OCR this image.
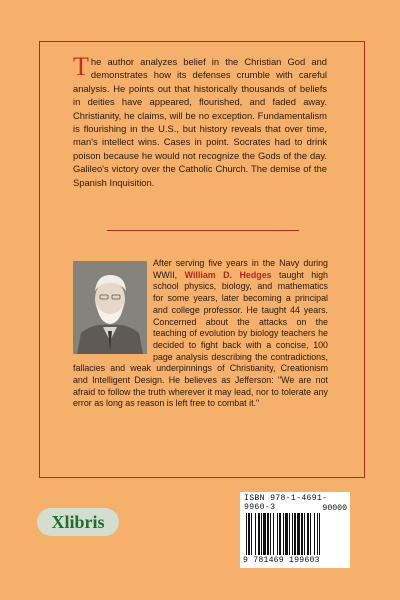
The author analyzes belief in the Christian God and demonstrates how its defenses crumble with careful analysis. He points out that historically thousands of beliefs in deities have appeared, flourished, and faded away. Christianity, he claims, will be no exception. Fundamentalism is flourishing in the U.S., but history reveals that over time, man's intellect wins. Cases in point. Socrates had to drink poison because he would not recognize the Gods of the day. Galileo's victory over the Catholic Church. The demise of the Spanish Inquisition.
After serving five years in the Navy during WWII, William D. Hedges taught high school physics, biology, and mathematics for some years, later becoming a principal and college professor. He taught 44 years. Concerned about the attacks on the teaching of evolution by biology teachers he decided to fight back with a concise, 100 page analysis describing the contradictions, fallacies and weak underpinnings of Christianity, Creationism and Intelligent Design. He believes as Jefferson: "We are not afraid to follow the truth wherever it may lead, nor to tolerate any error as long as reason is left free to combat it."
ISBN 978-1-4691-9960-3	90000
9 781469 199603
Xlibris
